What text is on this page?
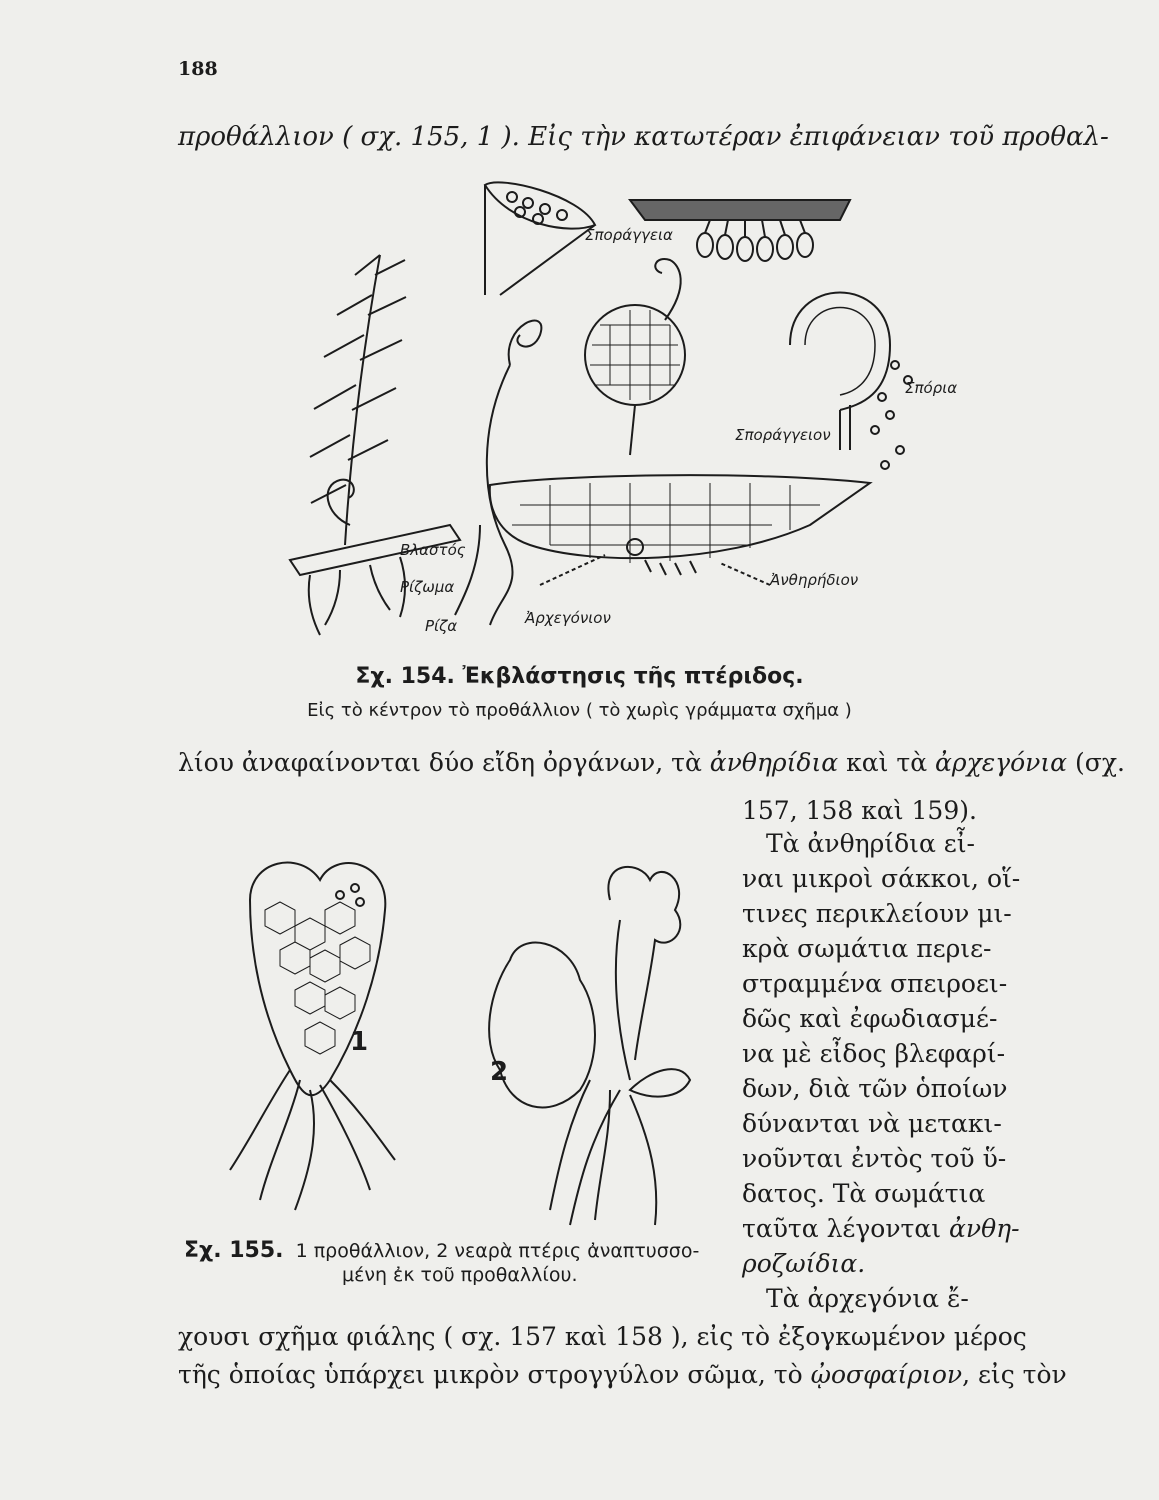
188
προθάλλιον ( σχ. 155, 1 ). Εἰς τὴν κατωτέραν ἐπιφάνειαν τοῦ προθαλ-
Σποράγγεια
Σπόρια
Σποράγγειον
Βλαστός
Ρίζωμα
Ρίζα	Ἀρχεγόνιον
Ἀνθηρήδιον
Σχ. 154. Ἐκβλάστησις τῆς πτέριδος.
Εἰς τὸ κέντρον τὸ προθάλλιον ( τὸ χωρὶς γράμματα σχῆμα )
λίου ἀναφαίνονται δύο εἴδη ὀργάνων, τὰ ἀνθηρίδια καὶ τὰ ἀρχεγόνια (σχ.
157, 158 καὶ 159).
Τὰ ἀνθηρίδια εἶ-
ναι μικροὶ σάκκοι, οἵ-
τινες περικλείουν μι-
κρὰ σωμάτια περιε-
στραμμένα σπειροει-
δῶς καὶ ἐφωδιασμέ-
να μὲ εἶδος βλεφαρί-
δων, διὰ τῶν ὁποίων
δύνανται νὰ μετακι-
νοῦνται ἐντὸς τοῦ ὕ-
δατος. Τὰ σωμάτια
ταῦτα λέγονται ἀνθη-
ροζωίδια.
Τὰ ἀρχεγόνια ἔ-
1
2
Σχ. 155. 1 προθάλλιον, 2 νεαρὰ πτέρις ἀναπτυσσο-
μένη ἐκ τοῦ προθαλλίου.
χουσι σχῆμα φιάλης ( σχ. 157 καὶ 158 ), εἰς τὸ ἐξογκωμένον μέρος
τῆς ὁποίας ὑπάρχει μικρὸν στρογγύλον σῶμα, τὸ ᾠοσφαίριον, εἰς τὸν
